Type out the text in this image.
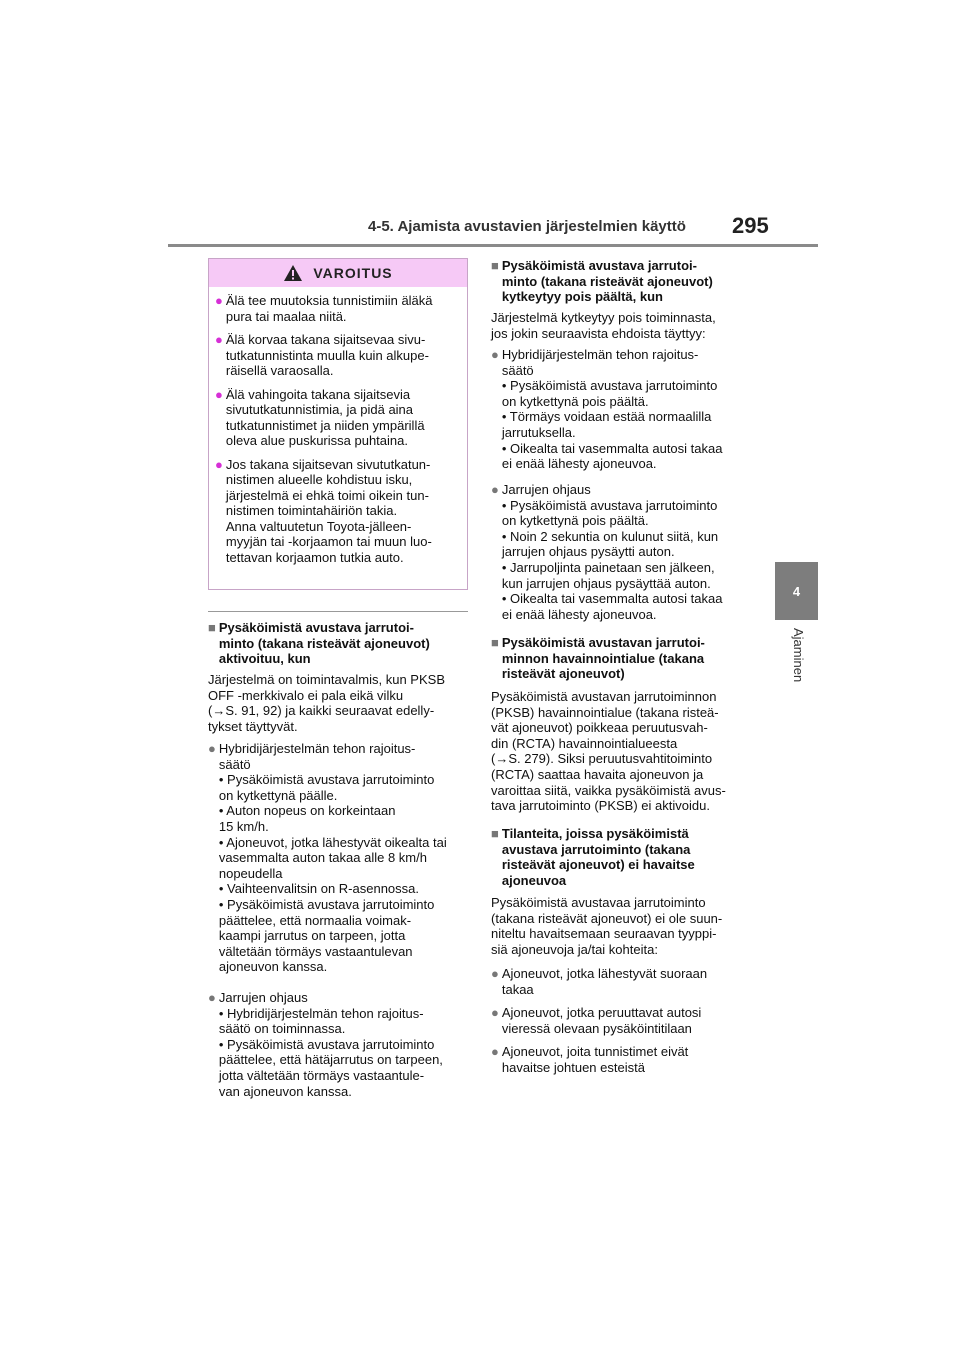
4-5. Ajamista avustavien järjestelmien käyttö	295
4
Ajaminen
VAROITUS
● Älä tee muutoksia tunnistimiin äläkä
pura tai maalaa niitä.
● Älä korvaa takana sijaitsevaa sivu-
tutkatunnistinta muulla kuin alkupe-
räisellä varaosalla.
● Älä vahingoita takana sijaitsevia
sivututkatunnistimia, ja pidä aina
tutkatunnistimet ja niiden ympärillä
oleva alue puskurissa puhtaina.
● Jos takana sijaitsevan sivututkatun-
nistimen alueelle kohdistuu isku,
järjestelmä ei ehkä toimi oikein tun-
nistimen toimintahäiriön takia.
Anna valtuutetun Toyota-jälleen-
myyjän tai -korjaamon tai muun luo-
tettavan korjaamon tutkia auto.
■ Pysäköimistä avustava jarrutoi-
minto (takana risteävät ajoneuvot)
aktivoituu, kun
Järjestelmä on toimintavalmis, kun PKSB
OFF -merkkivalo ei pala eikä vilku
(→S. 91, 92) ja kaikki seuraavat edelly-
tykset täyttyvät.
● Hybridijärjestelmän tehon rajoitus-
säätö
• Pysäköimistä avustava jarrutoiminto
on kytkettynä päälle.
• Auton nopeus on korkeintaan
15 km/h.
• Ajoneuvot, jotka lähestyvät oikealta tai
vasemmalta auton takaa alle 8 km/h
nopeudella
• Vaihteenvalitsin on R-asennossa.
• Pysäköimistä avustava jarrutoiminto
päättelee, että normaalia voimak-
kaampi jarrutus on tarpeen, jotta
vältetään törmäys vastaantulevan
ajoneuvon kanssa.
● Jarrujen ohjaus
• Hybridijärjestelmän tehon rajoitus-
säätö on toiminnassa.
• Pysäköimistä avustava jarrutoiminto
päättelee, että hätäjarrutus on tarpeen,
jotta vältetään törmäys vastaantule-
van ajoneuvon kanssa.
■ Pysäköimistä avustava jarrutoi-
minto (takana risteävät ajoneuvot)
kytkeytyy pois päältä, kun
Järjestelmä kytkeytyy pois toiminnasta,
jos jokin seuraavista ehdoista täyttyy:
● Hybridijärjestelmän tehon rajoitus-
säätö
• Pysäköimistä avustava jarrutoiminto
on kytkettynä pois päältä.
• Törmäys voidaan estää normaalilla
jarrutuksella.
• Oikealta tai vasemmalta autosi takaa
ei enää lähesty ajoneuvoa.
● Jarrujen ohjaus
• Pysäköimistä avustava jarrutoiminto
on kytkettynä pois päältä.
• Noin 2 sekuntia on kulunut siitä, kun
jarrujen ohjaus pysäytti auton.
• Jarrupoljinta painetaan sen jälkeen,
kun jarrujen ohjaus pysäyttää auton.
• Oikealta tai vasemmalta autosi takaa
ei enää lähesty ajoneuvoa.
■ Pysäköimistä avustavan jarrutoi-
minnon havainnointialue (takana
risteävät ajoneuvot)
Pysäköimistä avustavan jarrutoiminnon
(PKSB) havainnointialue (takana risteä-
vät ajoneuvot) poikkeaa peruutusvah-
din (RCTA) havainnointialueesta
(→S. 279). Siksi peruutusvahtitoiminto
(RCTA) saattaa havaita ajoneuvon ja
varoittaa siitä, vaikka pysäköimistä avus-
tava jarrutoiminto (PKSB) ei aktivoidu.
■ Tilanteita, joissa pysäköimistä
avustava jarrutoiminto (takana
risteävät ajoneuvot) ei havaitse
ajoneuvoa
Pysäköimistä avustavaa jarrutoiminto
(takana risteävät ajoneuvot) ei ole suun-
niteltu havaitsemaan seuraavan tyyppi-
siä ajoneuvoja ja/tai kohteita:
● Ajoneuvot, jotka lähestyvät suoraan
takaa
● Ajoneuvot, jotka peruuttavat autosi
vieressä olevaan pysäköintitilaan
● Ajoneuvot, joita tunnistimet eivät
havaitse johtuen esteistä
